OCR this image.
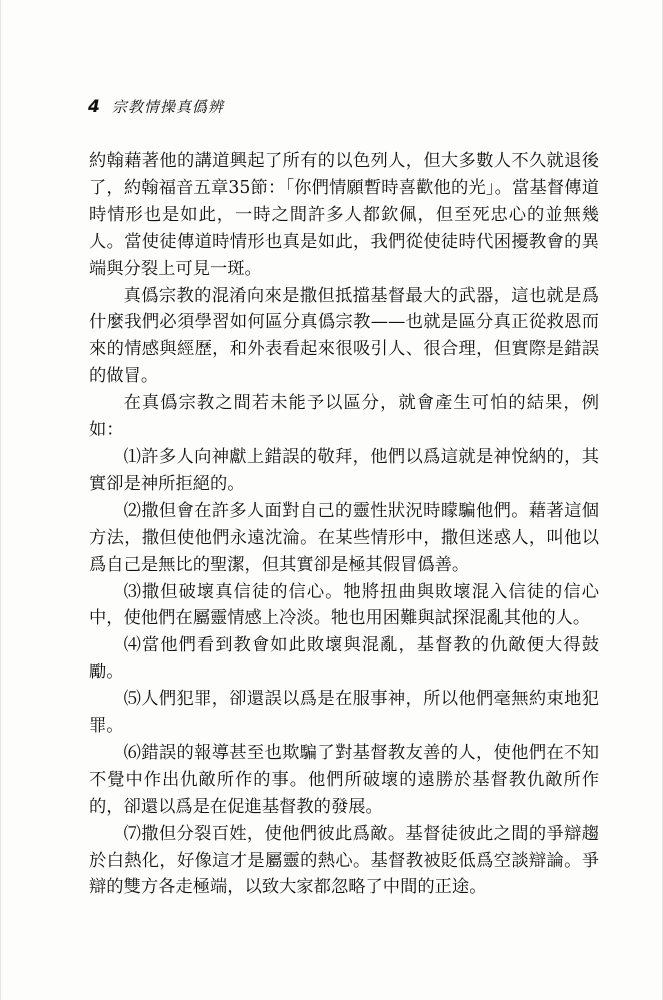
4 宗教情操真僞辨

約翰藉著他的講道興起了所有的以色列人，但大多數人不久就退後了，約翰福音五章35節：「你們情願暫時喜歡他的光」。當基督傳道時情形也是如此，一時之間許多人都欽佩，但至死忠心的並無幾人。當使徒傳道時情形也真是如此，我們從使徒時代困擾教會的異端與分裂上可見一斑。

真僞宗教的混淆向來是撒但抵擋基督最大的武器，這也就是爲什麼我們必須學習如何區分真僞宗教——也就是區分真正從救恩而來的情感與經歷，和外表看起來很吸引人、很合理，但實際是錯誤的做冒。

在真僞宗教之間若未能予以區分，就會產生可怕的結果，例如：

⑴許多人向神獻上錯誤的敬拜，他們以爲這就是神悅納的，其實卻是神所拒絕的。

⑵撒但會在許多人面對自己的靈性狀況時矇騙他們。藉著這個方法，撒但使他們永遠沈淪。在某些情形中，撒但迷惑人，叫他以爲自己是無比的聖潔，但其實卻是極其假冒僞善。

⑶撒但破壞真信徒的信心。牠將扭曲與敗壞混入信徒的信心中，使他們在屬靈情感上冷淡。牠也用困難與試探混亂其他的人。

⑷當他們看到教會如此敗壞與混亂，基督教的仇敵便大得鼓勵。

⑸人們犯罪，卻還誤以爲是在服事神，所以他們毫無約束地犯罪。

⑹錯誤的報導甚至也欺騙了對基督教友善的人，使他們在不知不覺中作出仇敵所作的事。他們所破壞的遠勝於基督教仇敵所作的，卻還以爲是在促進基督教的發展。

⑺撒但分裂百姓，使他們彼此爲敵。基督徒彼此之間的爭辯趨於白熱化，好像這才是屬靈的熱心。基督教被貶低爲空談辯論。爭辯的雙方各走極端，以致大家都忽略了中間的正途。
